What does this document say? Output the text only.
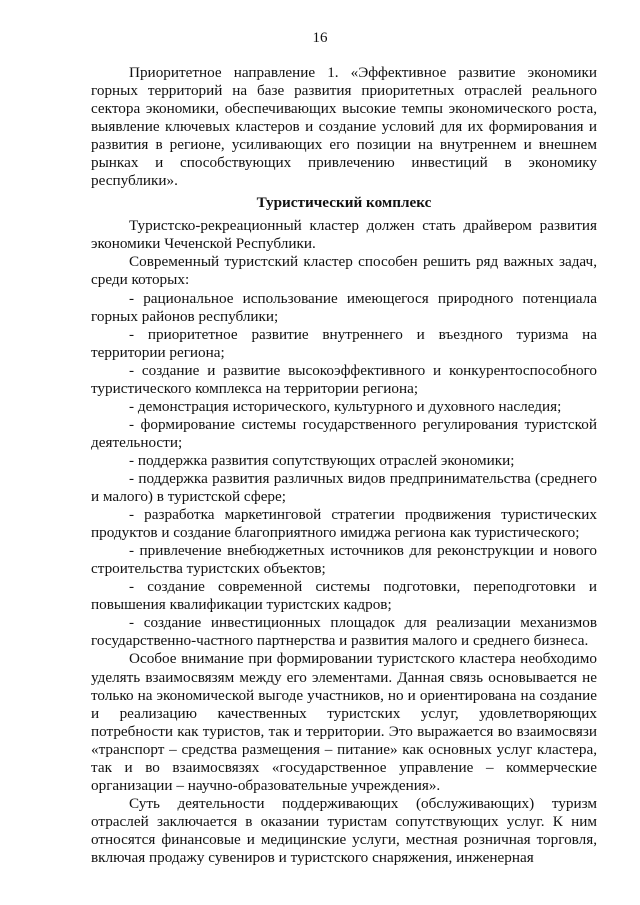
16

Приоритетное направление 1. «Эффективное развитие экономики горных территорий на базе развития приоритетных отраслей реального сектора экономики, обеспечивающих высокие темпы экономического роста, выявление ключевых кластеров и создание условий для их формирования и развития в регионе, усиливающих его позиции на внутреннем и внешнем рынках и способствующих привлечению инвестиций в экономику республики».

Туристический комплекс

Туристско-рекреационный кластер должен стать драйвером развития экономики Чеченской Республики.

Современный туристский кластер способен решить ряд важных задач, среди которых:

- рациональное использование имеющегося природного потенциала горных районов республики;

- приоритетное развитие внутреннего и въездного туризма на территории региона;

- создание и развитие высокоэффективного и конкурентоспособного туристического комплекса на территории региона;

- демонстрация исторического, культурного и духовного наследия;

- формирование системы государственного регулирования туристской деятельности;

- поддержка развития сопутствующих отраслей экономики;

- поддержка развития различных видов предпринимательства (среднего и малого) в туристской сфере;

- разработка маркетинговой стратегии продвижения туристических продуктов и создание благоприятного имиджа региона как туристического;

- привлечение внебюджетных источников для реконструкции и нового строительства туристских объектов;

- создание современной системы подготовки, переподготовки и повышения квалификации туристских кадров;

- создание инвестиционных площадок для реализации механизмов государственно-частного партнерства и развития малого и среднего бизнеса.

Особое внимание при формировании туристского кластера необходимо уделять взаимосвязям между его элементами. Данная связь основывается не только на экономической выгоде участников, но и ориентирована на создание и реализацию качественных туристских услуг, удовлетворяющих потребности как туристов, так и территории. Это выражается во взаимосвязи «транспорт – средства размещения – питание» как основных услуг кластера, так и во взаимосвязях «государственное управление – коммерческие организации – научно-образовательные учреждения».

Суть деятельности поддерживающих (обслуживающих) туризм отраслей заключается в оказании туристам сопутствующих услуг. К ним относятся финансовые и медицинские услуги, местная розничная торговля, включая продажу сувениров и туристского снаряжения, инженерная
